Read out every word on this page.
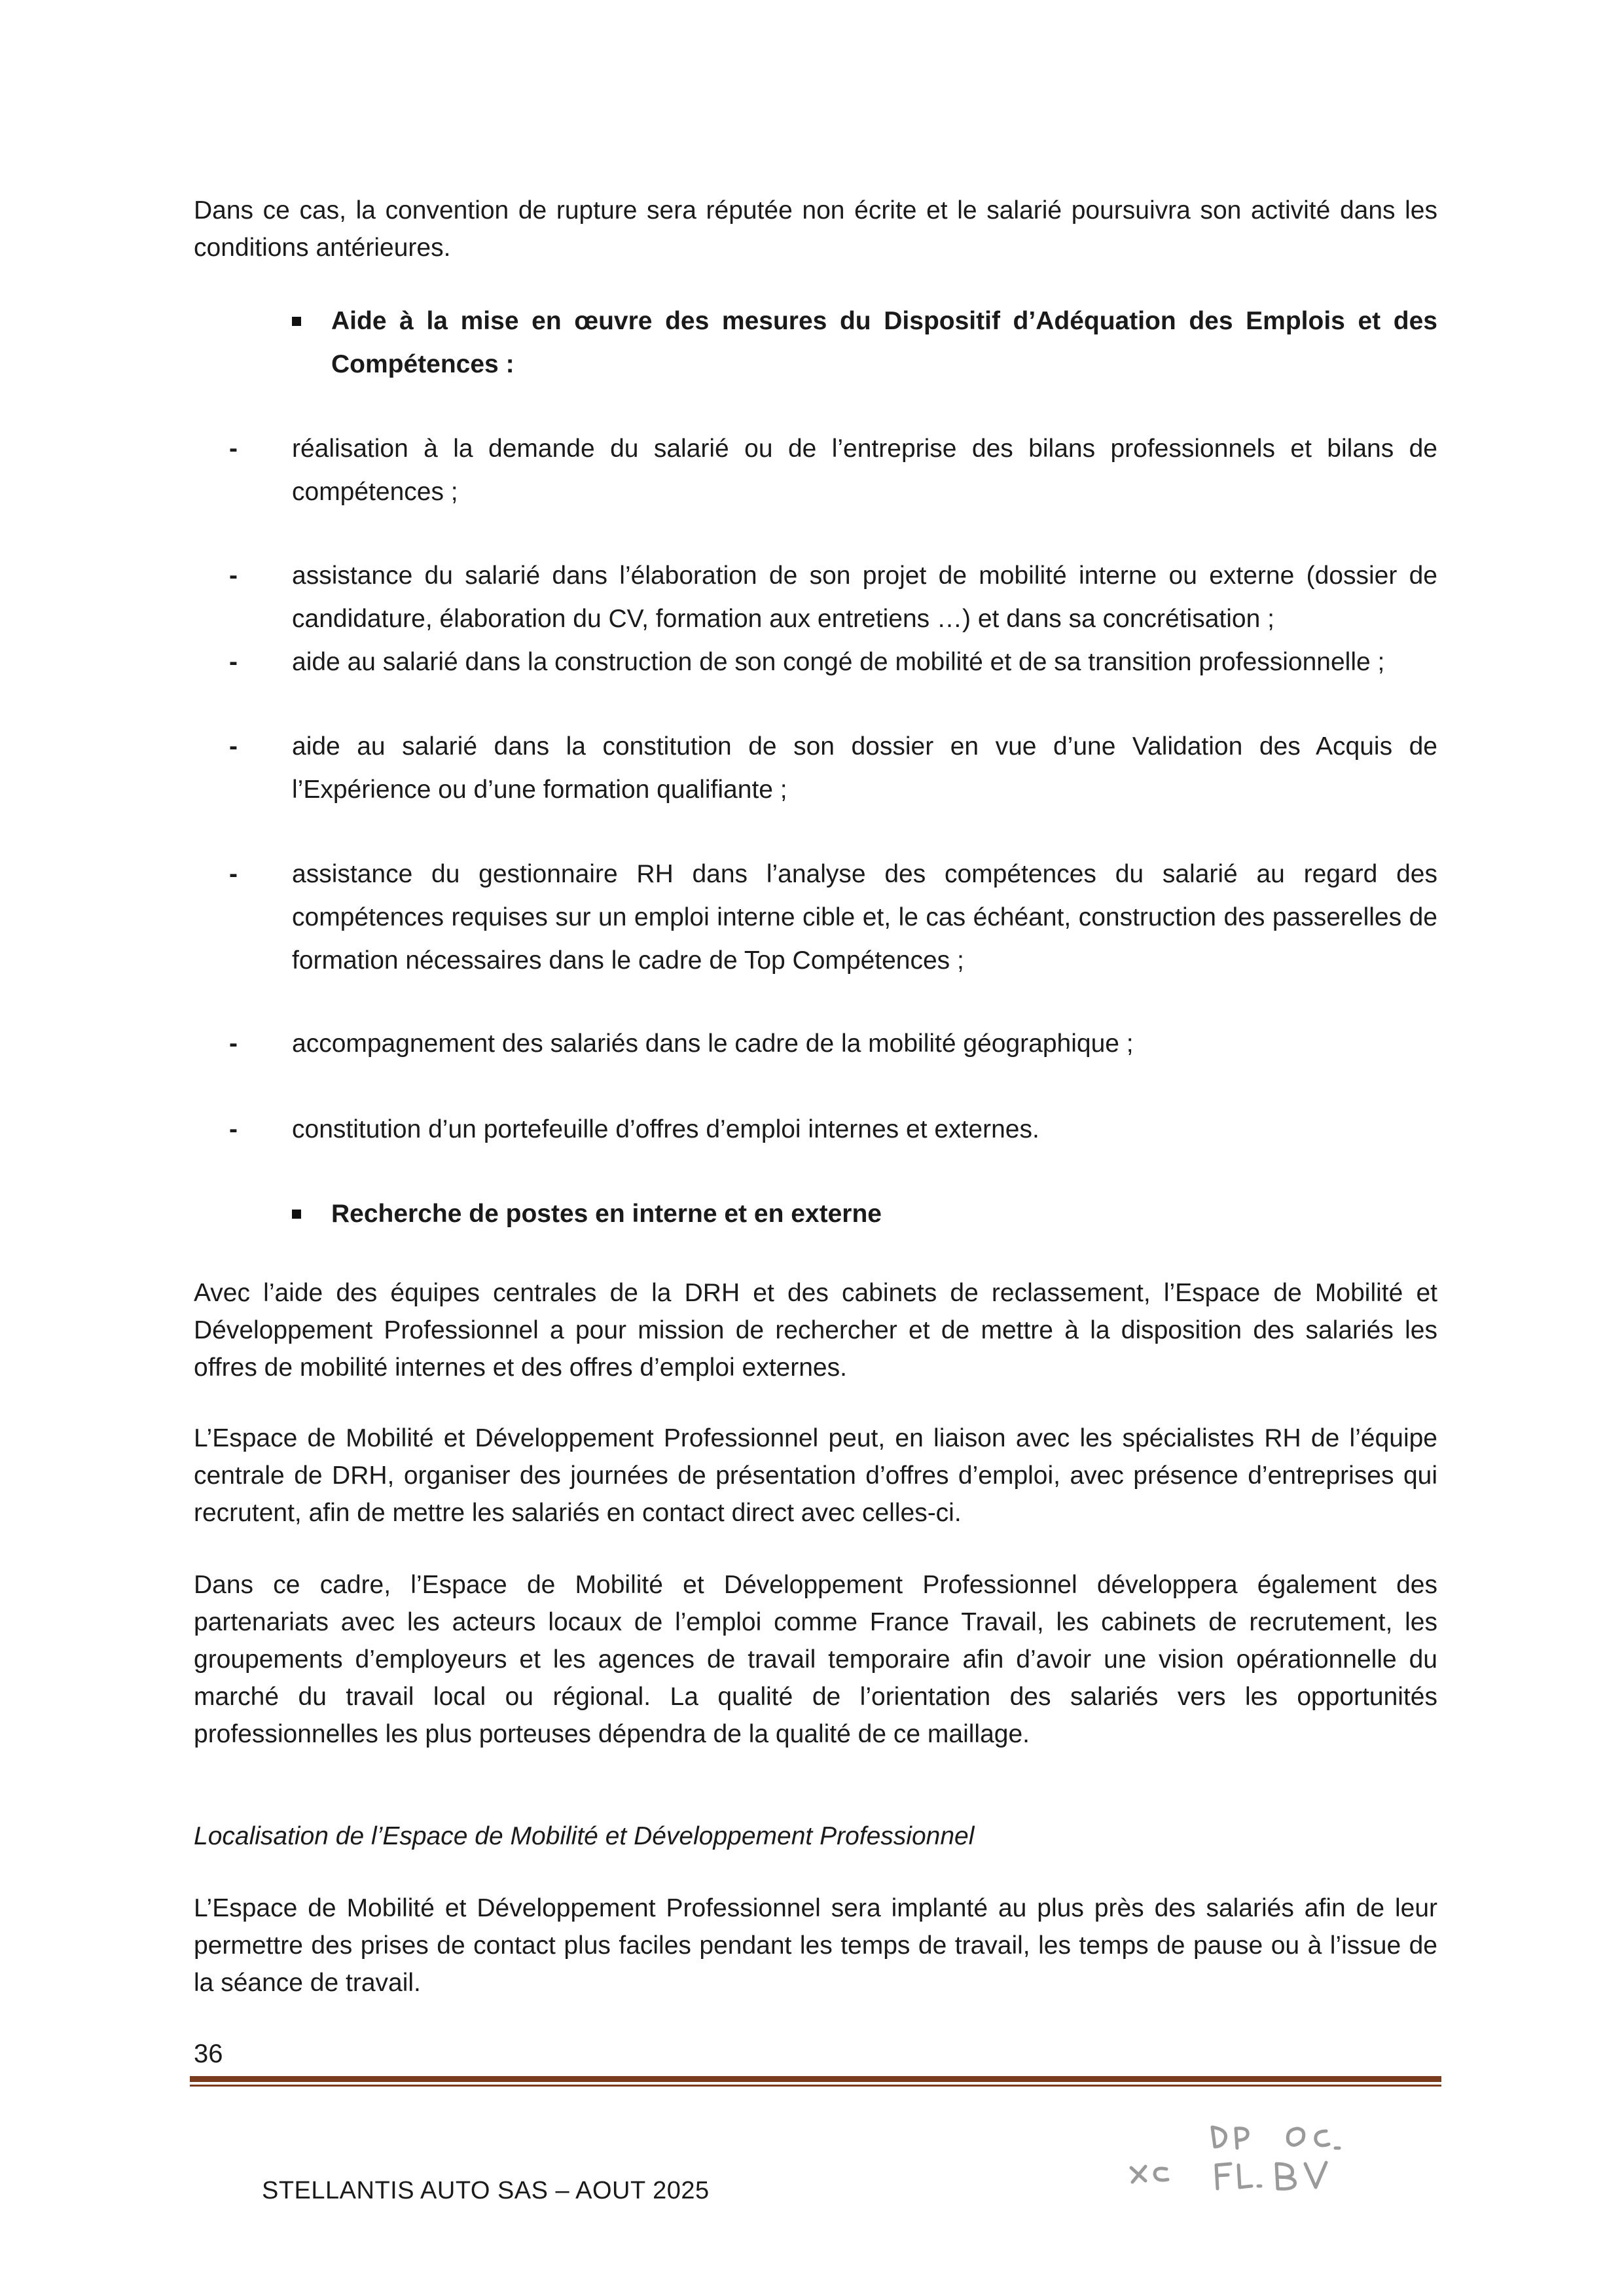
Dans ce cas, la convention de rupture sera réputée non écrite et le salarié poursuivra son activité dans les conditions antérieures.
Aide à la mise en œuvre des mesures du Dispositif d’Adéquation des Emplois et des Compétences :
-	réalisation à la demande du salarié ou de l’entreprise des bilans professionnels et bilans de compétences ;
-	assistance du salarié dans l’élaboration de son projet de mobilité interne ou externe (dossier de candidature, élaboration du CV, formation aux entretiens …) et dans sa concrétisation ;
-	aide au salarié dans la construction de son congé de mobilité et de sa transition professionnelle ;
-	aide au salarié dans la constitution de son dossier en vue d’une Validation des Acquis de l’Expérience ou d’une formation qualifiante ;
-	assistance du gestionnaire RH dans l’analyse des compétences du salarié au regard des compétences requises sur un emploi interne cible et, le cas échéant, construction des passerelles de formation nécessaires dans le cadre de Top Compétences ;
-	accompagnement des salariés dans le cadre de la mobilité géographique ;
-	constitution d’un portefeuille d’offres d’emploi internes et externes.
Recherche de postes en interne et en externe
Avec l’aide des équipes centrales de la DRH et des cabinets de reclassement, l’Espace de Mobilité et Développement Professionnel a pour mission de rechercher et de mettre à la disposition des salariés les offres de mobilité internes et des offres d’emploi externes.
L’Espace de Mobilité et Développement Professionnel peut, en liaison avec les spécialistes RH de l’équipe centrale de DRH, organiser des journées de présentation d’offres d’emploi, avec présence d’entreprises qui recrutent, afin de mettre les salariés en contact direct avec celles-ci.
Dans ce cadre, l’Espace de Mobilité et Développement Professionnel développera également des partenariats avec les acteurs locaux de l’emploi comme France Travail, les cabinets de recrutement, les groupements d’employeurs et les agences de travail temporaire afin d’avoir une vision opérationnelle du marché du travail local ou régional. La qualité de l’orientation des salariés vers les opportunités professionnelles les plus porteuses dépendra de la qualité de ce maillage.
Localisation de l’Espace de Mobilité et Développement Professionnel
L’Espace de Mobilité et Développement Professionnel sera implanté au plus près des salariés afin de leur permettre des prises de contact plus faciles pendant les temps de travail, les temps de pause ou à l’issue de la séance de travail.
36
STELLANTIS AUTO SAS – AOUT 2025
